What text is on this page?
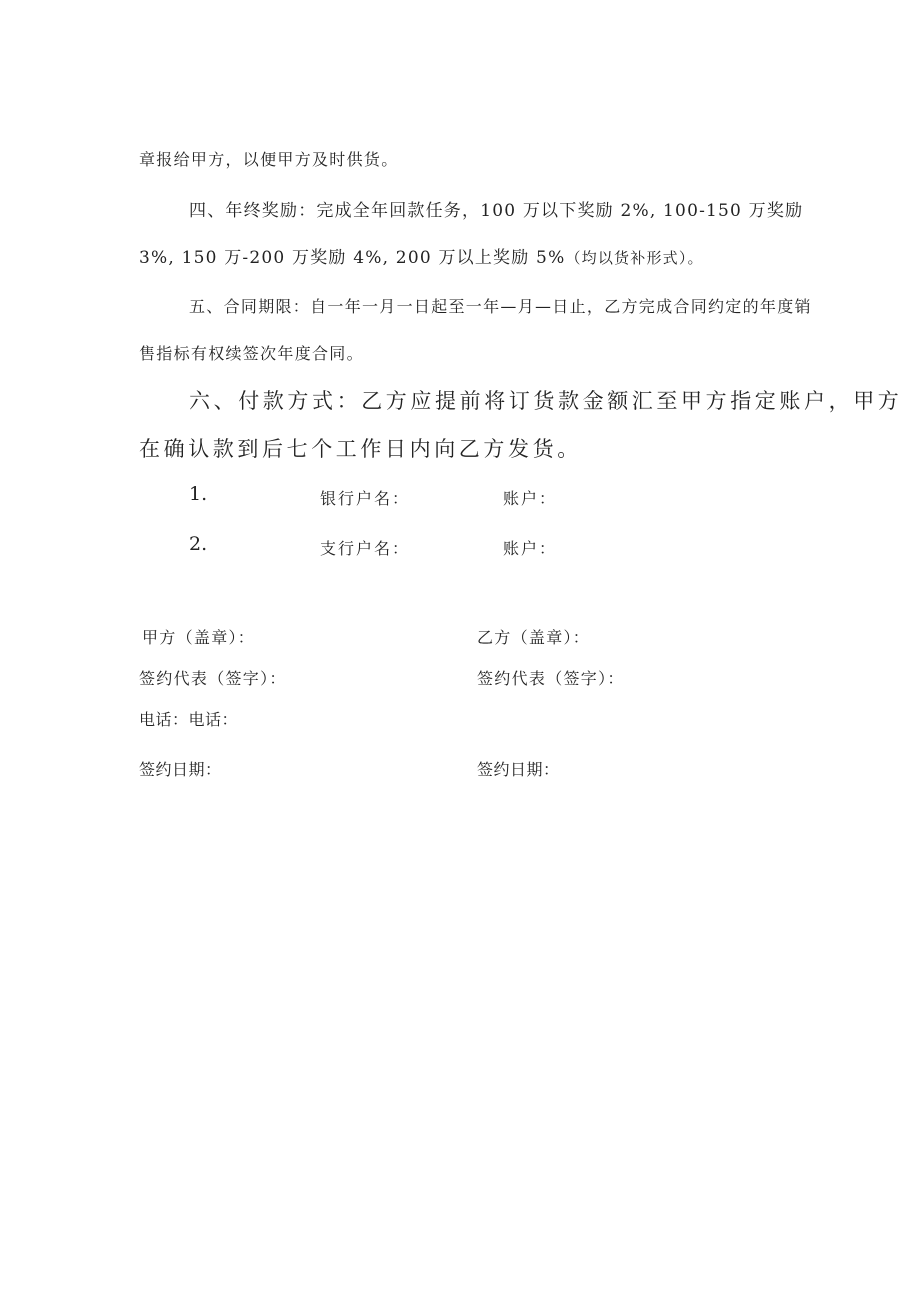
章报给甲方，以便甲方及时供货。
四、年终奖励：完成全年回款任务，100 万以下奖励 2%, 100-150 万奖励
3%, 150 万-200 万奖励 4%, 200 万以上奖励 5%（均以货补形式）。
五、合同期限：自一年一月一日起至一年—月—日止，乙方完成合同约定的年度销
售指标有权续签次年度合同。
六、付款方式：乙方应提前将订货款金额汇至甲方指定账户，甲方
在确认款到后七个工作日内向乙方发货。
1.	银行户名：	账户：
2.	支行户名：	账户：
甲方（盖章）：	乙方（盖章）：
签约代表（签字）：	签约代表（签字）：
电话：电话：
签约日期：	签约日期：
